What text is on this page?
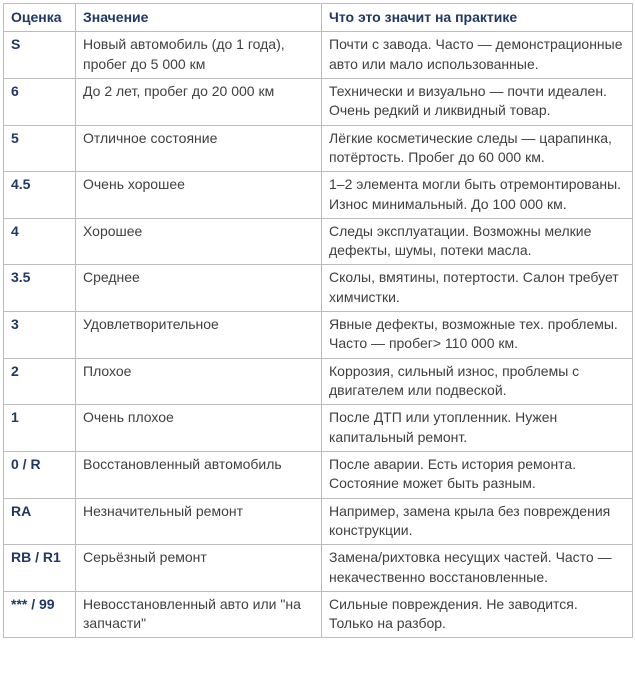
Оценка	Значение	Что это значит на практике
S	Новый автомобиль (до 1 года), пробег до 5 000 км	Почти с завода. Часто — демонстрационные авто или мало использованные.
6	До 2 лет, пробег до 20 000 км	Технически и визуально — почти идеален. Очень редкий и ликвидный товар.
5	Отличное состояние	Лёгкие косметические следы — царапинка, потёртость. Пробег до 60 000 км.
4.5	Очень хорошее	1–2 элемента могли быть отремонтированы. Износ минимальный. До 100 000 км.
4	Хорошее	Следы эксплуатации. Возможны мелкие дефекты, шумы, потеки масла.
3.5	Среднее	Сколы, вмятины, потертости. Салон требует химчистки.
3	Удовлетворительное	Явные дефекты, возможные тех. проблемы. Часто — пробег> 110 000 км.
2	Плохое	Коррозия, сильный износ, проблемы с двигателем или подвеской.
1	Очень плохое	После ДТП или утопленник. Нужен капитальный ремонт.
0 / R	Восстановленный автомобиль	После аварии. Есть история ремонта. Состояние может быть разным.
RA	Незначительный ремонт	Например, замена крыла без повреждения конструкции.
RB / R1	Серьёзный ремонт	Замена/рихтовка несущих частей. Часто — некачественно восстановленные.
*** / 99	Невосстановленный авто или "на запчасти"	Сильные повреждения. Не заводится. Только на разбор.
